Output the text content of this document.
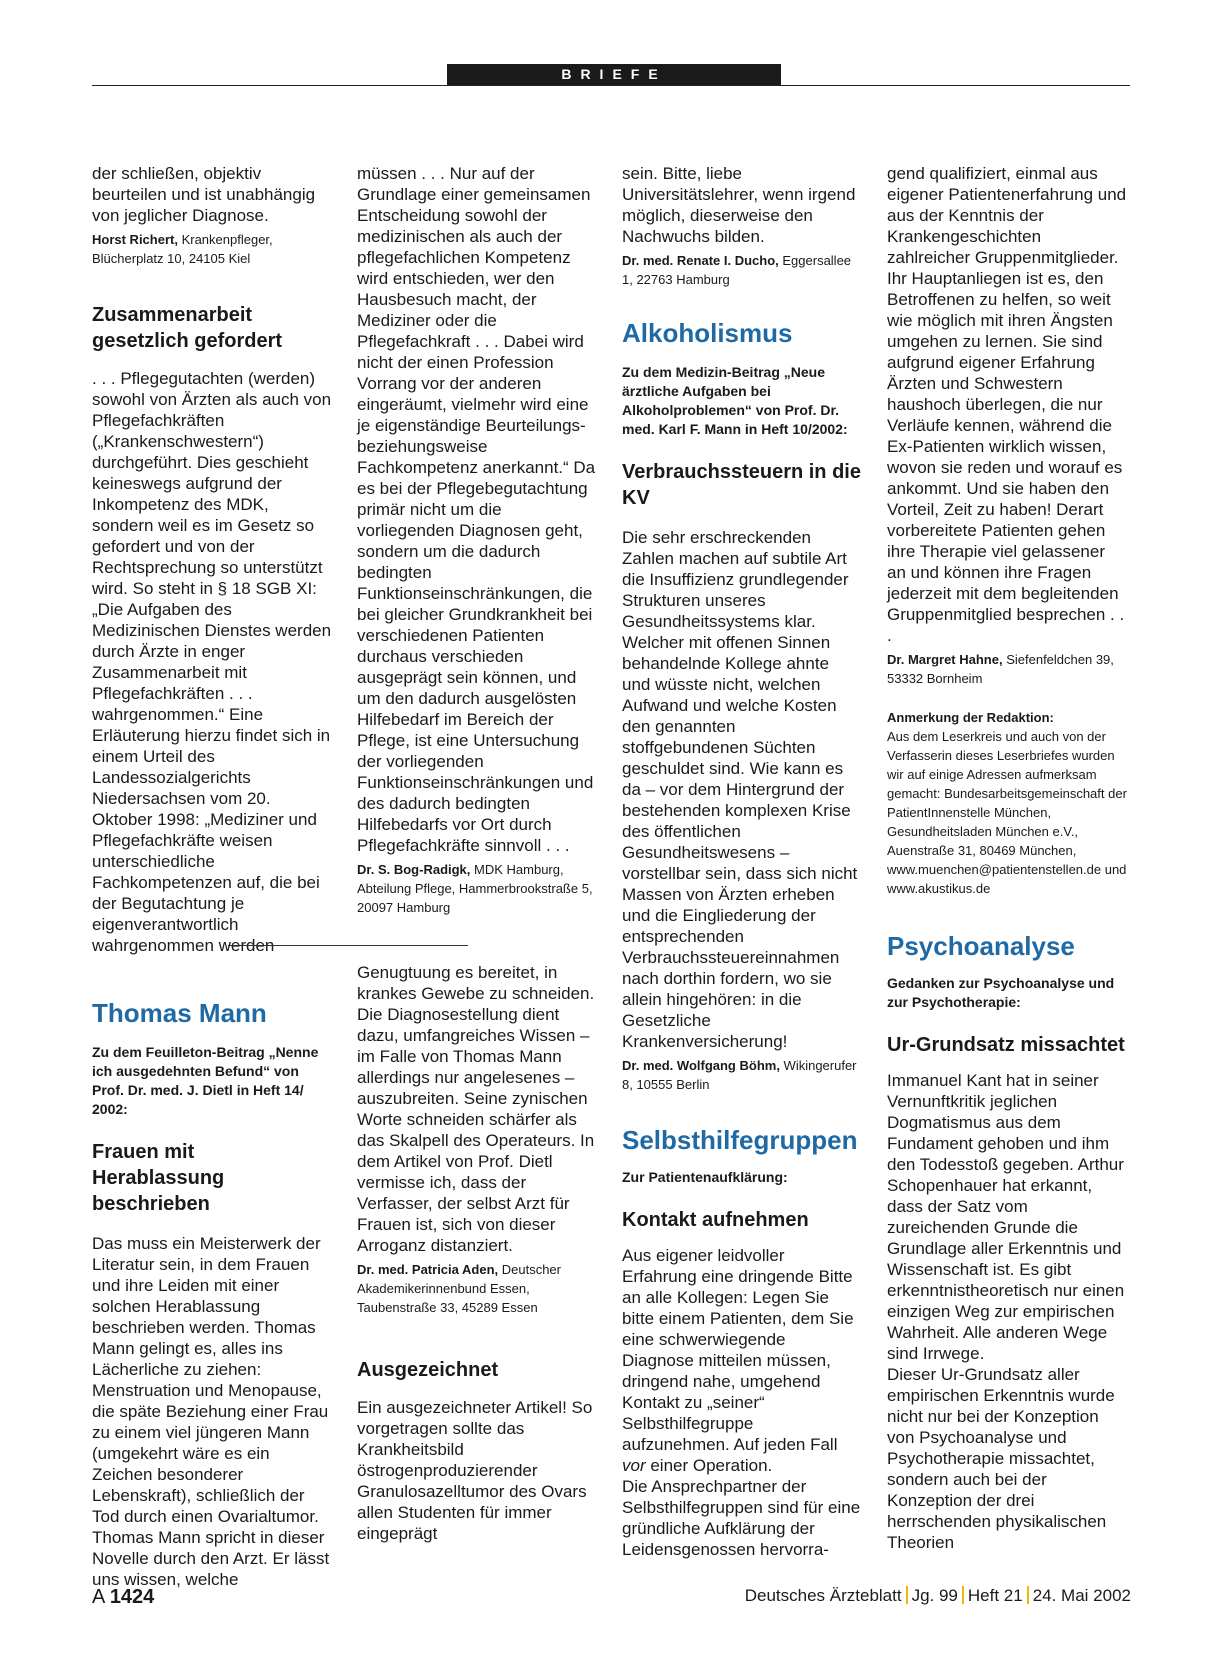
BRIEFE

der schließen, objektiv beurteilen und ist unabhängig von jeglicher Diagnose.

Horst Richert, Krankenpfleger, Blücherplatz 10, 24105 Kiel

Zusammenarbeit gesetzlich gefordert

. . . Pflegegutachten (werden) sowohl von Ärzten als auch von Pflegefachkräften („Krankenschwestern“) durchgeführt. Dies geschieht keineswegs aufgrund der Inkompetenz des MDK, sondern weil es im Gesetz so gefordert und von der Rechtsprechung so unterstützt wird. So steht in § 18 SGB XI: „Die Aufgaben des Medizinischen Dienstes werden durch Ärzte in enger Zusammenarbeit mit Pflegefachkräften . . . wahrgenommen.“ Eine Erläuterung hierzu findet sich in einem Urteil des Landessozialgerichts Niedersachsen vom 20. Oktober 1998: „Mediziner und Pflegefachkräfte weisen unterschiedliche Fachkompetenzen auf, die bei der Begutachtung je eigenverantwortlich wahrgenommen werden

Thomas Mann

Zu dem Feuilleton-Beitrag „Nenne ich ausgedehnten Befund“ von Prof. Dr. med. J. Dietl in Heft 14/ 2002:

Frauen mit Herablassung beschrieben

Das muss ein Meisterwerk der Literatur sein, in dem Frauen und ihre Leiden mit einer solchen Herablassung beschrieben werden. Thomas Mann gelingt es, alles ins Lächerliche zu ziehen: Menstruation und Menopause, die späte Beziehung einer Frau zu einem viel jüngeren Mann (umgekehrt wäre es ein Zeichen besonderer Lebenskraft), schließlich der Tod durch einen Ovarialtumor.

Thomas Mann spricht in dieser Novelle durch den Arzt. Er lässt uns wissen, welche

müssen . . . Nur auf der Grundlage einer gemeinsamen Entscheidung sowohl der medizinischen als auch der pflegefachlichen Kompetenz wird entschieden, wer den Hausbesuch macht, der Mediziner oder die Pflegefachkraft . . . Dabei wird nicht der einen Profession Vorrang vor der anderen eingeräumt, vielmehr wird eine je eigenständige Beurteilungs- beziehungsweise Fachkompetenz anerkannt.“ Da es bei der Pflegebegutachtung primär nicht um die vorliegenden Diagnosen geht, sondern um die dadurch bedingten Funktionseinschränkungen, die bei gleicher Grundkrankheit bei verschiedenen Patienten durchaus verschieden ausgeprägt sein können, und um den dadurch ausgelösten Hilfebedarf im Bereich der Pflege, ist eine Untersuchung der vorliegenden Funktionseinschränkungen und des dadurch bedingten Hilfebedarfs vor Ort durch Pflegefachkräfte sinnvoll . . .

Dr. S. Bog-Radigk, MDK Hamburg, Abteilung Pflege, Hammerbrookstraße 5, 20097 Hamburg

Genugtuung es bereitet, in krankes Gewebe zu schneiden. Die Diagnosestellung dient dazu, umfangreiches Wissen – im Falle von Thomas Mann allerdings nur angelesenes – auszubreiten. Seine zynischen Worte schneiden schärfer als das Skalpell des Operateurs. In dem Artikel von Prof. Dietl vermisse ich, dass der Verfasser, der selbst Arzt für Frauen ist, sich von dieser Arroganz distanziert.

Dr. med. Patricia Aden, Deutscher Akademikerinnenbund Essen, Taubenstraße 33, 45289 Essen

Ausgezeichnet

Ein ausgezeichneter Artikel! So vorgetragen sollte das Krankheitsbild östrogenproduzierender Granulosazelltumor des Ovars allen Studenten für immer eingeprägt

sein. Bitte, liebe Universitätslehrer, wenn irgend möglich, dieserweise den Nachwuchs bilden.

Dr. med. Renate I. Ducho, Eggersallee 1, 22763 Hamburg

Alkoholismus

Zu dem Medizin-Beitrag „Neue ärztliche Aufgaben bei Alkoholproblemen“ von Prof. Dr. med. Karl F. Mann in Heft 10/2002:

Verbrauchssteuern in die KV

Die sehr erschreckenden Zahlen machen auf subtile Art die Insuffizienz grundlegender Strukturen unseres Gesundheitssystems klar. Welcher mit offenen Sinnen behandelnde Kollege ahnte und wüsste nicht, welchen Aufwand und welche Kosten den genannten stoffgebundenen Süchten geschuldet sind. Wie kann es da – vor dem Hintergrund der bestehenden komplexen Krise des öffentlichen Gesundheitswesens – vorstellbar sein, dass sich nicht Massen von Ärzten erheben und die Eingliederung der entsprechenden Verbrauchssteuereinnahmen nach dorthin fordern, wo sie allein hingehören: in die Gesetzliche Krankenversicherung!

Dr. med. Wolfgang Böhm, Wikingerufer 8, 10555 Berlin

Selbsthilfegruppen

Zur Patientenaufklärung:

Kontakt aufnehmen

Aus eigener leidvoller Erfahrung eine dringende Bitte an alle Kollegen: Legen Sie bitte einem Patienten, dem Sie eine schwerwiegende Diagnose mitteilen müssen, dringend nahe, umgehend Kontakt zu „seiner“ Selbsthilfegruppe aufzunehmen. Auf jeden Fall vor einer Operation.

Die Ansprechpartner der Selbsthilfegruppen sind für eine gründliche Aufklärung der Leidensgenossen hervorra-

gend qualifiziert, einmal aus eigener Patientenerfahrung und aus der Kenntnis der Krankengeschichten zahlreicher Gruppenmitglieder. Ihr Hauptanliegen ist es, den Betroffenen zu helfen, so weit wie möglich mit ihren Ängsten umgehen zu lernen. Sie sind aufgrund eigener Erfahrung Ärzten und Schwestern haushoch überlegen, die nur Verläufe kennen, während die Ex-Patienten wirklich wissen, wovon sie reden und worauf es ankommt. Und sie haben den Vorteil, Zeit zu haben! Derart vorbereitete Patienten gehen ihre Therapie viel gelassener an und können ihre Fragen jederzeit mit dem begleitenden Gruppenmitglied besprechen . . .

Dr. Margret Hahne, Siefenfeldchen 39, 53332 Bornheim

Anmerkung der Redaktion:

Aus dem Leserkreis und auch von der Verfasserin dieses Leserbriefes wurden wir auf einige Adressen aufmerksam gemacht: Bundesarbeitsgemeinschaft der PatientInnenstelle München, Gesundheitsladen München e.V., Auenstraße 31, 80469 München, www.muenchen@patientenstellen.de und www.akustikus.de

Psychoanalyse

Gedanken zur Psychoanalyse und zur Psychotherapie:

Ur-Grundsatz missachtet

Immanuel Kant hat in seiner Vernunftkritik jeglichen Dogmatismus aus dem Fundament gehoben und ihm den Todesstoß gegeben. Arthur Schopenhauer hat erkannt, dass der Satz vom zureichenden Grunde die Grundlage aller Erkenntnis und Wissenschaft ist. Es gibt erkenntnistheoretisch nur einen einzigen Weg zur empirischen Wahrheit. Alle anderen Wege sind Irrwege.

Dieser Ur-Grundsatz aller empirischen Erkenntnis wurde nicht nur bei der Konzeption von Psychoanalyse und Psychotherapie missachtet, sondern auch bei der Konzeption der drei herrschenden physikalischen Theorien

A 1424	Deutsches Ärzteblatt Jg. 99 Heft 21 24. Mai 2002
